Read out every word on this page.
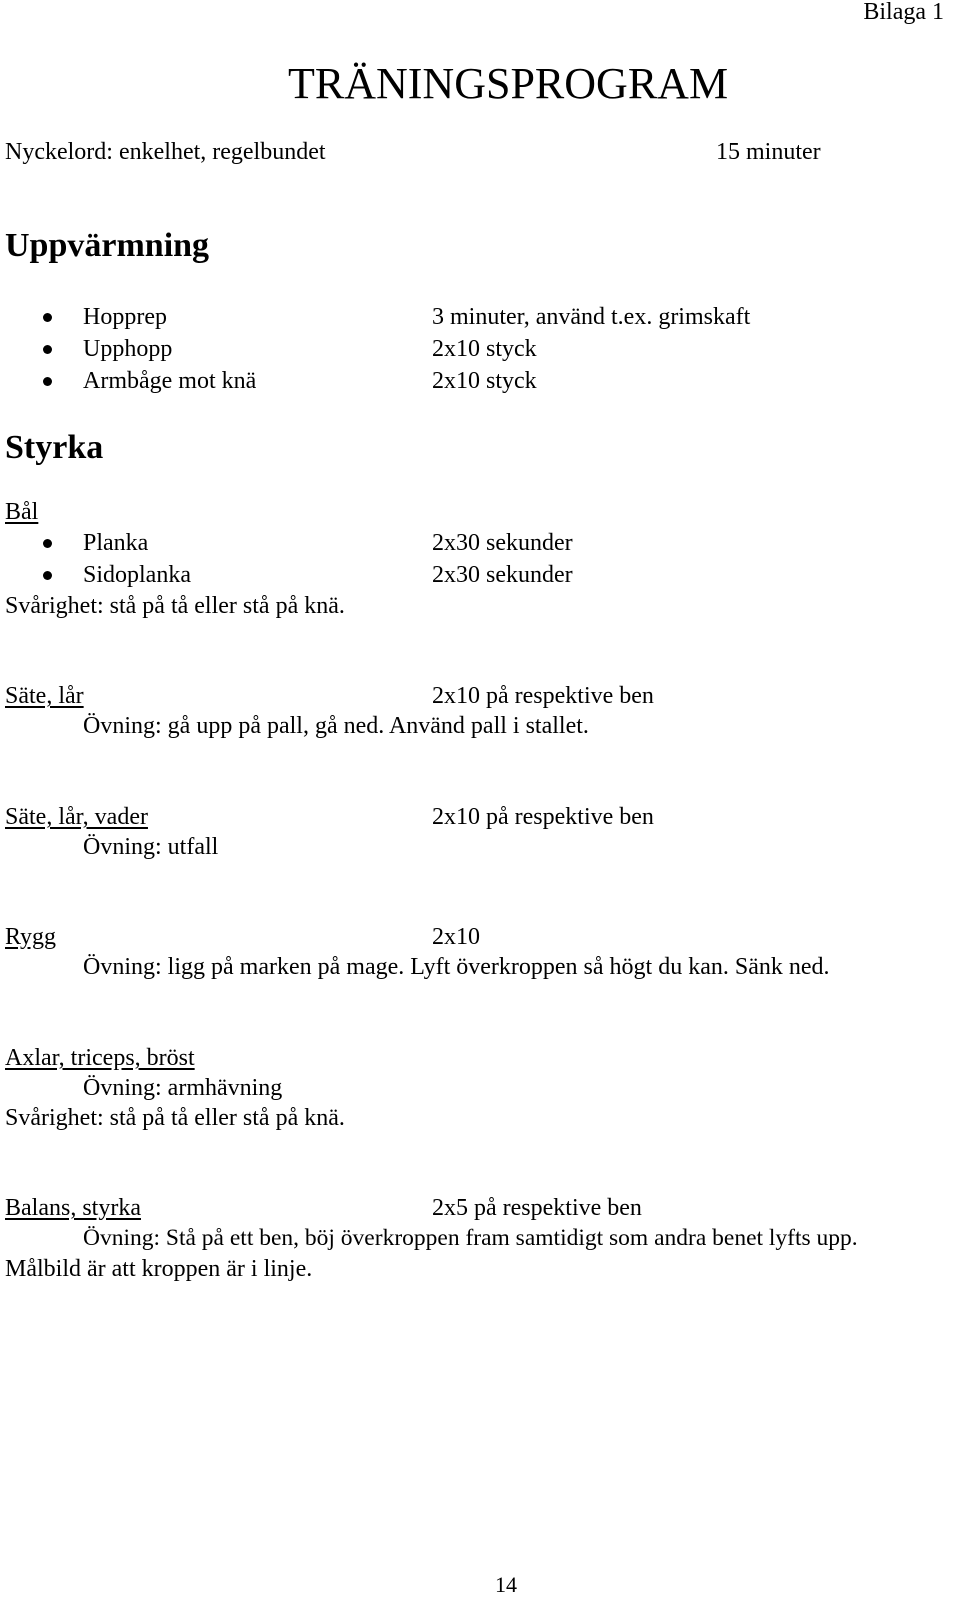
Bilaga 1
TRÄNINGSPROGRAM
Nyckelord: enkelhet, regelbundet	15 minuter
Uppvärmning
Hopprep	3 minuter, använd t.ex. grimskaft
Upphopp	2x10 styck
Armbåge mot knä	2x10 styck
Styrka
Bål
Planka	2x30 sekunder
Sidoplanka	2x30 sekunder
Svårighet: stå på tå eller stå på knä.
Säte, lår	2x10 på respektive ben
Övning: gå upp på pall, gå ned. Använd pall i stallet.
Säte, lår, vader	2x10 på respektive ben
Övning: utfall
Rygg	2x10
Övning: ligg på marken på mage. Lyft överkroppen så högt du kan. Sänk ned.
Axlar, triceps, bröst
Övning: armhävning
Svårighet: stå på tå eller stå på knä.
Balans, styrka	2x5 på respektive ben
Övning: Stå på ett ben, böj överkroppen fram samtidigt som andra benet lyfts upp.
Målbild är att kroppen är i linje.
14
